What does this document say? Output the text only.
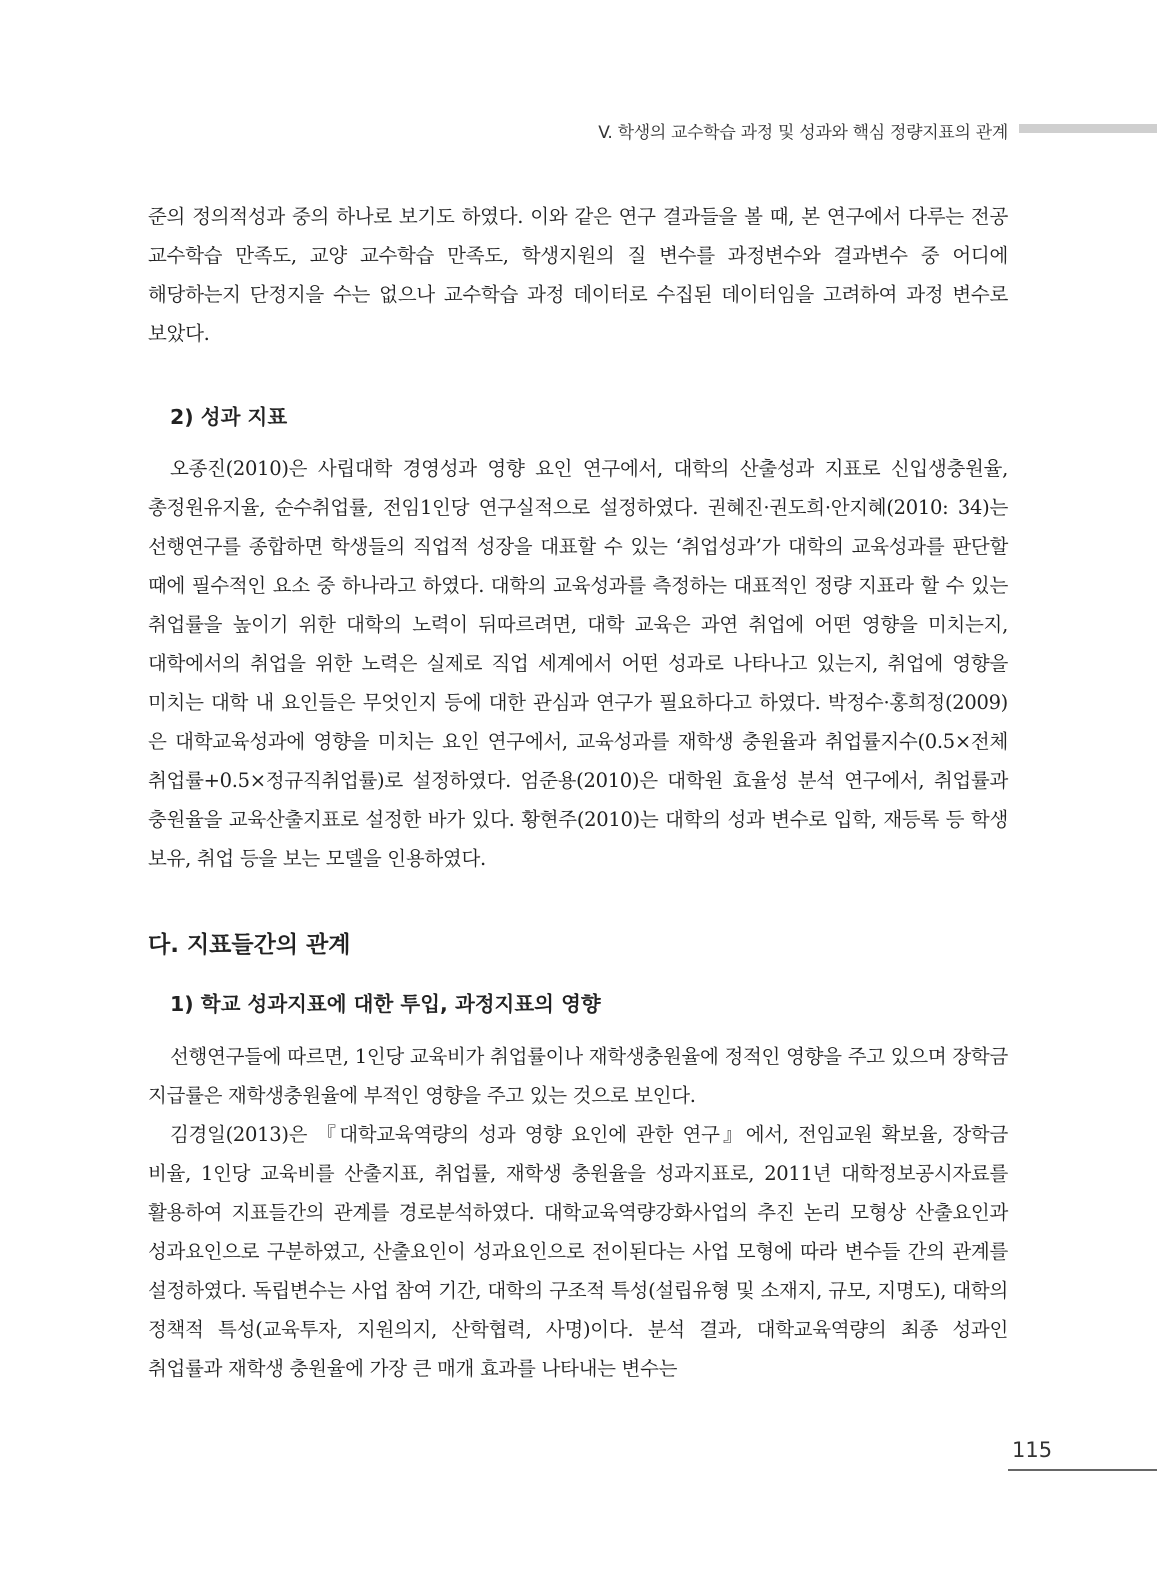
V. 학생의 교수학습 과정 및 성과와 핵심 정량지표의 관계

준의 정의적성과 중의 하나로 보기도 하였다. 이와 같은 연구 결과들을 볼 때, 본 연구에서 다루는 전공 교수학습 만족도, 교양 교수학습 만족도, 학생지원의 질 변수를 과정변수와 결과변수 중 어디에 해당하는지 단정지을 수는 없으나 교수학습 과정 데이터로 수집된 데이터임을 고려하여 과정 변수로 보았다.

2) 성과 지표

오종진(2010)은 사립대학 경영성과 영향 요인 연구에서, 대학의 산출성과 지표로 신입생충원율, 총정원유지율, 순수취업률, 전임1인당 연구실적으로 설정하였다. 권혜진·권도희·안지혜(2010: 34)는 선행연구를 종합하면 학생들의 직업적 성장을 대표할 수 있는 ‘취업성과’가 대학의 교육성과를 판단할 때에 필수적인 요소 중 하나라고 하였다. 대학의 교육성과를 측정하는 대표적인 정량 지표라 할 수 있는 취업률을 높이기 위한 대학의 노력이 뒤따르려면, 대학 교육은 과연 취업에 어떤 영향을 미치는지, 대학에서의 취업을 위한 노력은 실제로 직업 세계에서 어떤 성과로 나타나고 있는지, 취업에 영향을 미치는 대학 내 요인들은 무엇인지 등에 대한 관심과 연구가 필요하다고 하였다. 박정수·홍희정(2009)은 대학교육성과에 영향을 미치는 요인 연구에서, 교육성과를 재학생 충원율과 취업률지수(0.5×전체 취업률+0.5×정규직취업률)로 설정하였다. 엄준용(2010)은 대학원 효율성 분석 연구에서, 취업률과 충원율을 교육산출지표로 설정한 바가 있다. 황현주(2010)는 대학의 성과 변수로 입학, 재등록 등 학생 보유, 취업 등을 보는 모델을 인용하였다.

다. 지표들간의 관계
1) 학교 성과지표에 대한 투입, 과정지표의 영향

선행연구들에 따르면, 1인당 교육비가 취업률이나 재학생충원율에 정적인 영향을 주고 있으며 장학금 지급률은 재학생충원율에 부적인 영향을 주고 있는 것으로 보인다.

김경일(2013)은 『대학교육역량의 성과 영향 요인에 관한 연구』에서, 전임교원 확보율, 장학금 비율, 1인당 교육비를 산출지표, 취업률, 재학생 충원율을 성과지표로, 2011년 대학정보공시자료를 활용하여 지표들간의 관계를 경로분석하였다. 대학교육역량강화사업의 추진 논리 모형상 산출요인과 성과요인으로 구분하였고, 산출요인이 성과요인으로 전이된다는 사업 모형에 따라 변수들 간의 관계를 설정하였다. 독립변수는 사업 참여 기간, 대학의 구조적 특성(설립유형 및 소재지, 규모, 지명도), 대학의 정책적 특성(교육투자, 지원의지, 산학협력, 사명)이다. 분석 결과, 대학교육역량의 최종 성과인 취업률과 재학생 충원율에 가장 큰 매개 효과를 나타내는 변수는

115
